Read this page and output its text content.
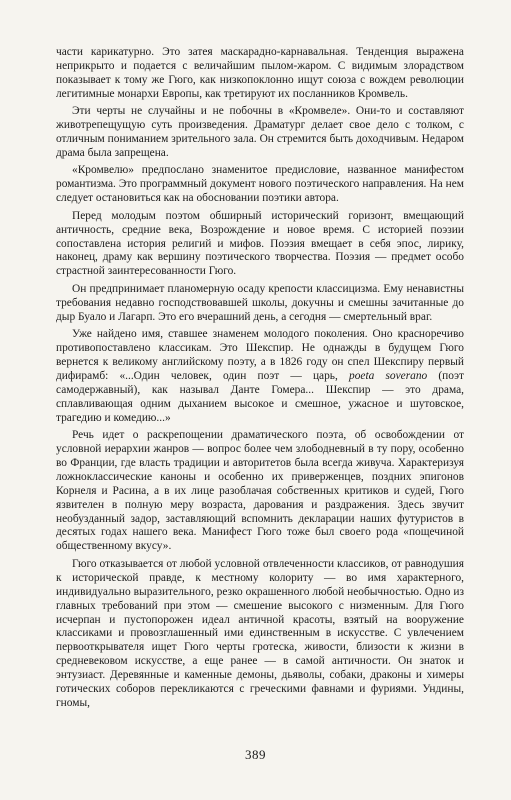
части карикатурно. Это затея маскарадно-карнавальная. Тенденция выражена неприкрыто и подается с величайшим пылом-жаром. С видимым злорадством показывает к тому же Гюго, как низкопоклонно ищут союза с вождем революции легитимные монархи Европы, как третируют их посланников Кромвель.

Эти черты не случайны и не побочны в «Кромвеле». Они-то и составляют животрепещущую суть произведения. Драматург делает свое дело с толком, с отличным пониманием зрительного зала. Он стремится быть доходчивым. Недаром драма была запрещена.

«Кромвелю» предпослано знаменитое предисловие, названное манифестом романтизма. Это программный документ нового поэтического направления. На нем следует остановиться как на обосновании поэтики автора.

Перед молодым поэтом обширный исторический горизонт, вмещающий античность, средние века, Возрождение и новое время. С историей поэзии сопоставлена история религий и мифов. Поэзия вмещает в себя эпос, лирику, наконец, драму как вершину поэтического творчества. Поэзия — предмет особо страстной заинтересованности Гюго.

Он предпринимает планомерную осаду крепости классицизма. Ему ненавистны требования недавно господствовавшей школы, докучны и смешны зачитанные до дыр Буало и Лагарп. Это его вчерашний день, а сегодня — смертельный враг.

Уже найдено имя, ставшее знаменем молодого поколения. Оно красноречиво противопоставлено классикам. Это Шекспир. Не однажды в будущем Гюго вернется к великому английскому поэту, а в 1826 году он спел Шекспиру первый дифирамб: «...Один человек, один поэт — царь, poeta soverano (поэт самодержавный), как называл Данте Гомера... Шекспир — это драма, сплавливающая одним дыханием высокое и смешное, ужасное и шутовское, трагедию и комедию...»

Речь идет о раскрепощении драматического поэта, об освобождении от условной иерархии жанров — вопрос более чем злободневный в ту пору, особенно во Франции, где власть традиции и авторитетов была всегда живуча. Характеризуя ложноклассические каноны и особенно их приверженцев, поздних эпигонов Корнеля и Расина, а в их лице разоблачая собственных критиков и судей, Гюго язвителен в полную меру возраста, дарования и раздражения. Здесь звучит необузданный задор, заставляющий вспомнить декларации наших футуристов в десятых годах нашего века. Манифест Гюго тоже был своего рода «пощечиной общественному вкусу».

Гюго отказывается от любой условной отвлеченности классиков, от равнодушия к исторической правде, к местному колориту — во имя характерного, индивидуально выразительного, резко окрашенного любой необычностью. Одно из главных требований при этом — смешение высокого с низменным. Для Гюго исчерпан и пустопорожен идеал античной красоты, взятый на вооружение классиками и провозглашенный ими единственным в искусстве. С увлечением первооткрывателя ищет Гюго черты гротеска, живости, близости к жизни в средневековом искусстве, а еще ранее — в самой античности. Он знаток и энтузиаст. Деревянные и каменные демоны, дьяволы, собаки, драконы и химеры готических соборов перекликаются с греческими фавнами и фуриями. Ундины, гномы,

389
